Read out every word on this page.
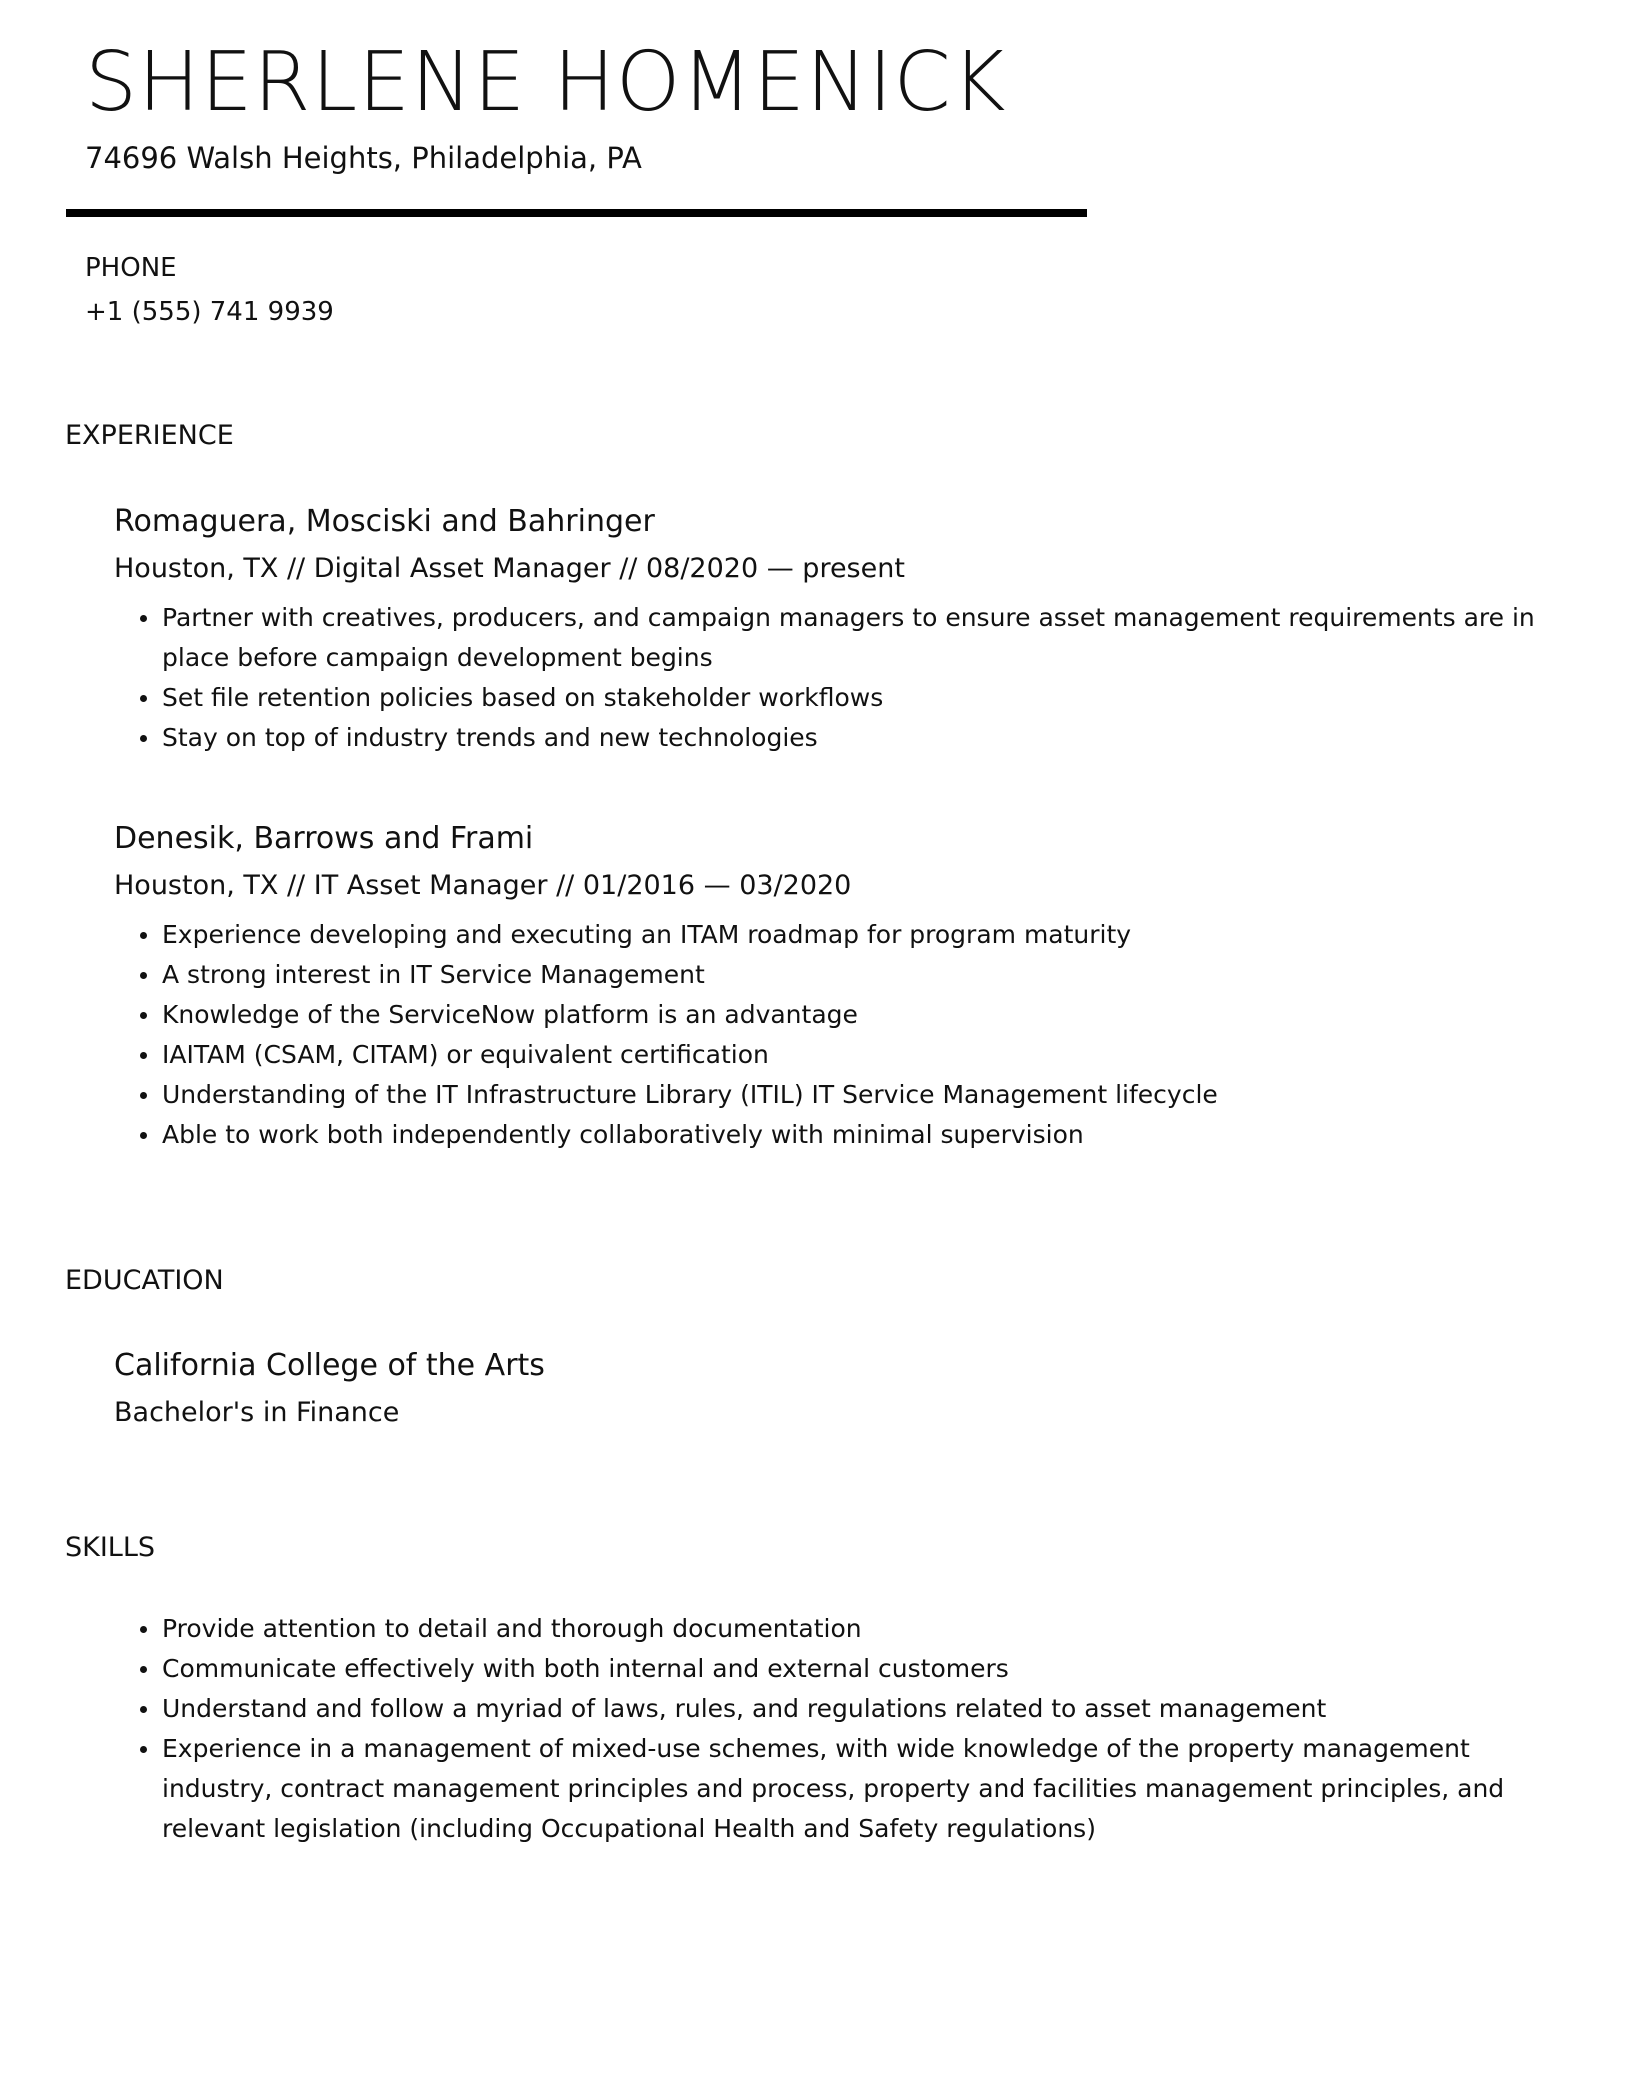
SHERLENE HOMENICK
74696 Walsh Heights, Philadelphia, PA
PHONE
+1 (555) 741 9939
EXPERIENCE
Romaguera, Mosciski and Bahringer
Houston, TX // Digital Asset Manager // 08/2020 — present
Partner with creatives, producers, and campaign managers to ensure asset management requirements are in place before campaign development begins
Set file retention policies based on stakeholder workflows
Stay on top of industry trends and new technologies
Denesik, Barrows and Frami
Houston, TX // IT Asset Manager // 01/2016 — 03/2020
Experience developing and executing an ITAM roadmap for program maturity
A strong interest in IT Service Management
Knowledge of the ServiceNow platform is an advantage
IAITAM (CSAM, CITAM) or equivalent certification
Understanding of the IT Infrastructure Library (ITIL) IT Service Management lifecycle
Able to work both independently collaboratively with minimal supervision
EDUCATION
California College of the Arts
Bachelor's in Finance
SKILLS
Provide attention to detail and thorough documentation
Communicate effectively with both internal and external customers
Understand and follow a myriad of laws, rules, and regulations related to asset management
Experience in a management of mixed-use schemes, with wide knowledge of the property management industry, contract management principles and process, property and facilities management principles, and relevant legislation (including Occupational Health and Safety regulations)
